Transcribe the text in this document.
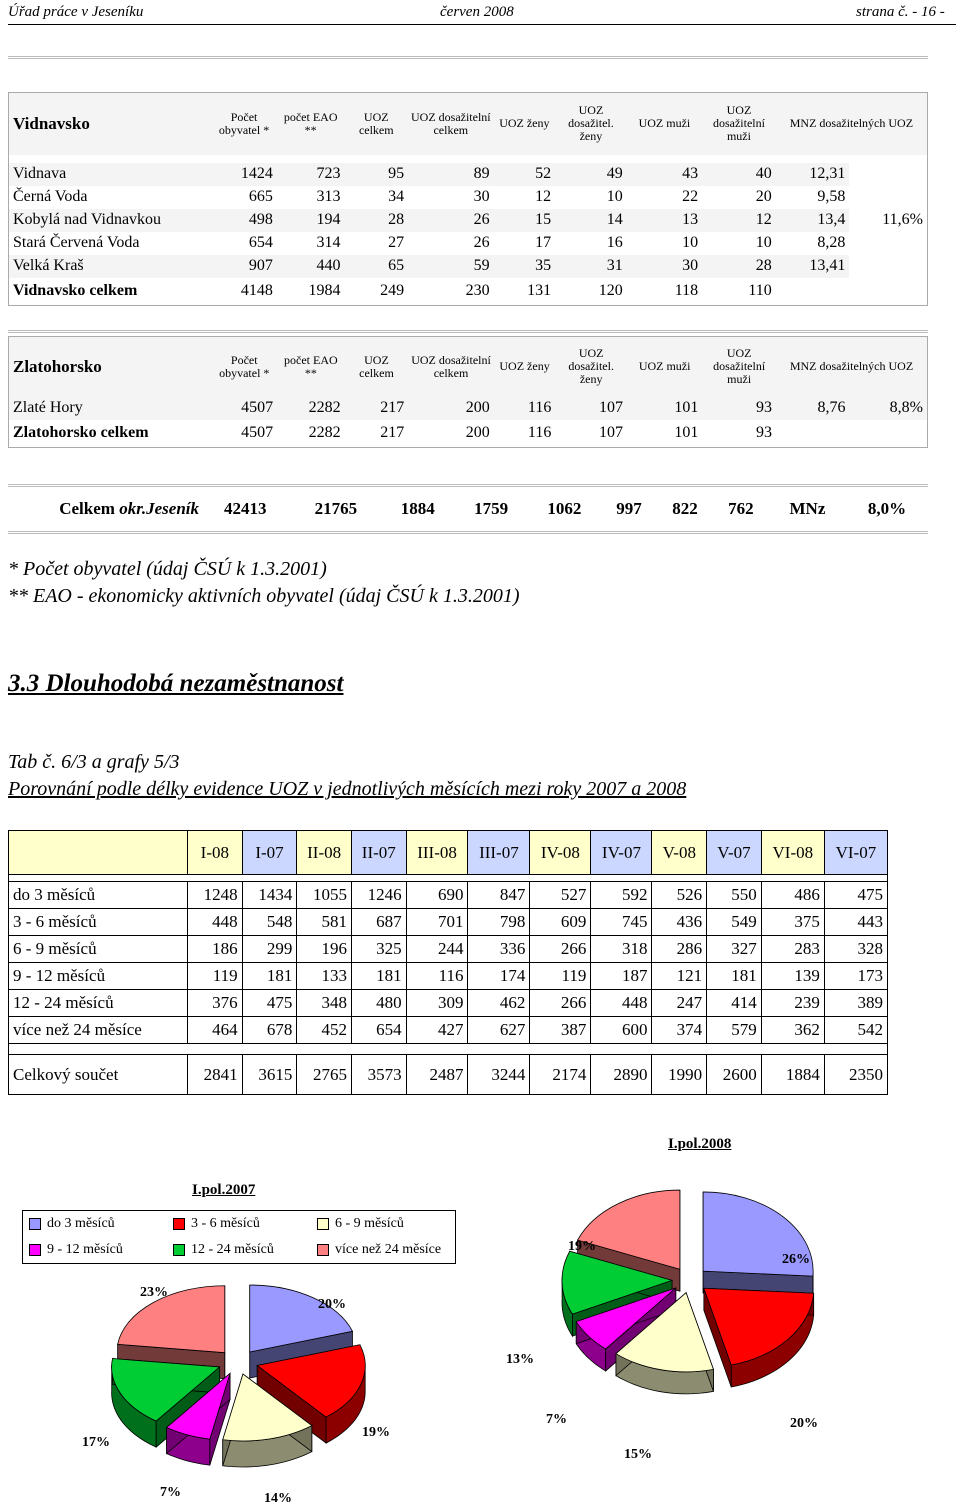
Úřad práce v Jeseníku	červen 2008	strana č. - 16 -
Vidnavsko	Počet obyvatel *	počet EAO **	UOZ celkem	UOZ dosažitelní celkem	UOZ ženy	UOZ dosažitel. ženy	UOZ muži	UOZ dosažitelní muži	MNZ dosažitelných UOZ	

Vidnava	1424	723	95	89	52	49	43	40	12,31	
Černá Voda	665	313	34	30	12	10	22	20	9,58	
Kobylá nad Vidnavkou	498	194	28	26	15	14	13	12	13,4	11,6%
Stará Červená Voda	654	314	27	26	17	16	10	10	8,28	
Velká Kraš	907	440	65	59	35	31	30	28	13,41	
Vidnavsko celkem	4148	1984	249	230	131	120	118	110		
Zlatohorsko	Počet obyvatel *	počet EAO **	UOZ celkem	UOZ dosažitelní celkem	UOZ ženy	UOZ dosažitel. ženy	UOZ muži	UOZ dosažitelní muži	MNZ dosažitelných UOZ	
Zlaté Hory	4507	2282	217	200	116	107	101	93	8,76	8,8%
Zlatohorsko celkem	4507	2282	217	200	116	107	101	93		
Celkem okr.Jeseník	42413	21765	1884	1759	1062	997	822	762	MNz	8,0%
* Počet obyvatel (údaj ČSÚ k 1.3.2001)
** EAO - ekonomicky aktivních obyvatel (údaj ČSÚ k 1.3.2001)
3.3 Dlouhodobá nezaměstnanost
Tab č. 6/3 a grafy 5/3
Porovnání podle délky evidence UOZ v jednotlivých měsících mezi roky 2007 a 2008
	I-08	I-07	II-08	II-07	III-08	III-07	IV-08	IV-07	V-08	V-07	VI-08	VI-07

do 3 měsíců	1248	1434	1055	1246	690	847	527	592	526	550	486	475
3 - 6 měsíců	448	548	581	687	701	798	609	745	436	549	375	443
6 - 9 měsíců	186	299	196	325	244	336	266	318	286	327	283	328
9 - 12 měsíců	119	181	133	181	116	174	119	187	121	181	139	173
12 - 24 měsíců	376	475	348	480	309	462	266	448	247	414	239	389
více než 24 měsíce	464	678	452	654	427	627	387	600	374	579	362	542

Celkový součet	2841	3615	2765	3573	2487	3244	2174	2890	1990	2600	1884	2350
I.pol.2007
I.pol.2008
do 3 měsíců	3 - 6 měsíců	6 - 9 měsíců
9 - 12 měsíců	12 - 24 měsíců	více než 24 měsíce
20%
19%
14%
7%
17%
23%
26%
20%
15%
7%
13%
19%
